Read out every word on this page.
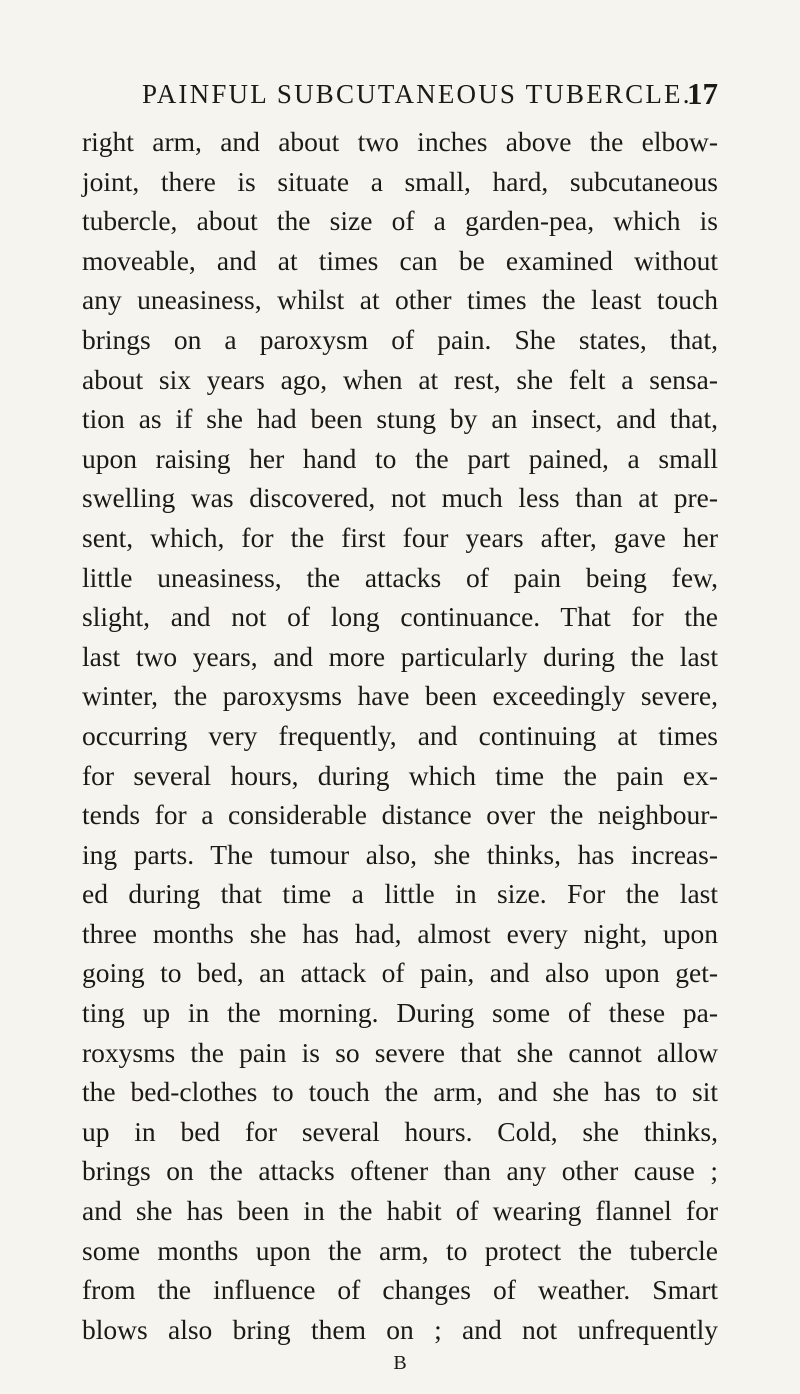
PAINFUL SUBCUTANEOUS TUBERCLE.
17
right arm, and about two inches above the elbow-
joint, there is situate a small, hard, subcutaneous
tubercle, about the size of a garden-pea, which is
moveable, and at times can be examined without
any uneasiness, whilst at other times the least touch
brings on a paroxysm of pain. She states, that,
about six years ago, when at rest, she felt a sensa-
tion as if she had been stung by an insect, and that,
upon raising her hand to the part pained, a small
swelling was discovered, not much less than at pre-
sent, which, for the first four years after, gave her
little uneasiness, the attacks of pain being few,
slight, and not of long continuance. That for the
last two years, and more particularly during the last
winter, the paroxysms have been exceedingly severe,
occurring very frequently, and continuing at times
for several hours, during which time the pain ex-
tends for a considerable distance over the neighbour-
ing parts. The tumour also, she thinks, has increas-
ed during that time a little in size. For the last
three months she has had, almost every night, upon
going to bed, an attack of pain, and also upon get-
ting up in the morning. During some of these pa-
roxysms the pain is so severe that she cannot allow
the bed-clothes to touch the arm, and she has to sit
up in bed for several hours. Cold, she thinks,
brings on the attacks oftener than any other cause ;
and she has been in the habit of wearing flannel for
some months upon the arm, to protect the tubercle
from the influence of changes of weather. Smart
blows also bring them on ; and not unfrequently
B
